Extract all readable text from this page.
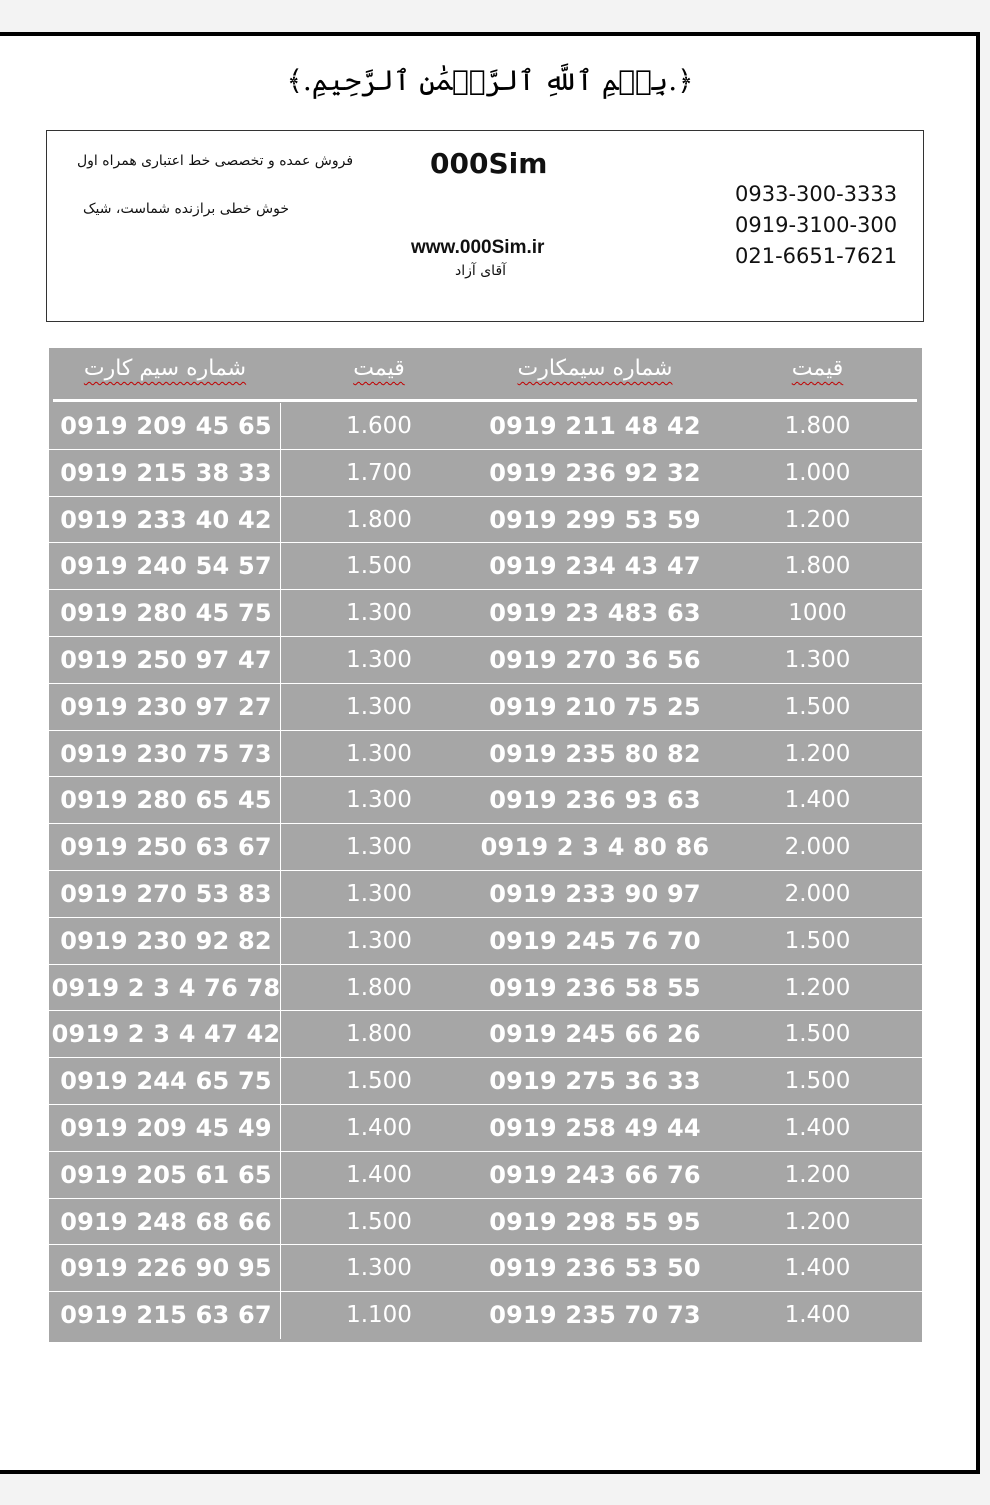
﴿.بِسۡمِ ٱللَّهِ ٱلرَّحۡمَٰنِ ٱلرَّحِيمِ.﴾
فروش عمده و تخصصی خط اعتباری همراه اول
خوش خطی برازنده شماست، شیک
000Sim
www.000Sim.ir
آقای آزاد
0933-300-3333
0919-3100-300
021-6651-7621
شماره سیم کارت	قیمت	شماره سیمکارت	قیمت
0919 209 45 65	1.600	0919 211 48 42	1.800
0919 215 38 33	1.700	0919 236 92 32	1.000
0919 233 40 42	1.800	0919 299 53 59	1.200
0919 240 54 57	1.500	0919 234 43 47	1.800
0919 280 45 75	1.300	0919 23 483 63	1000
0919 250 97 47	1.300	0919 270 36 56	1.300
0919 230 97 27	1.300	0919 210 75 25	1.500
0919 230 75 73	1.300	0919 235 80 82	1.200
0919 280 65 45	1.300	0919 236 93 63	1.400
0919 250 63 67	1.300	0919 2 3 4 80 86	2.000
0919 270 53 83	1.300	0919 233 90 97	2.000
0919 230 92 82	1.300	0919 245 76 70	1.500
0919 2 3 4 76 78	1.800	0919 236 58 55	1.200
0919 2 3 4 47 42	1.800	0919 245 66 26	1.500
0919 244 65 75	1.500	0919 275 36 33	1.500
0919 209 45 49	1.400	0919 258 49 44	1.400
0919 205 61 65	1.400	0919 243 66 76	1.200
0919 248 68 66	1.500	0919 298 55 95	1.200
0919 226 90 95	1.300	0919 236 53 50	1.400
0919 215 63 67	1.100	0919 235 70 73	1.400
